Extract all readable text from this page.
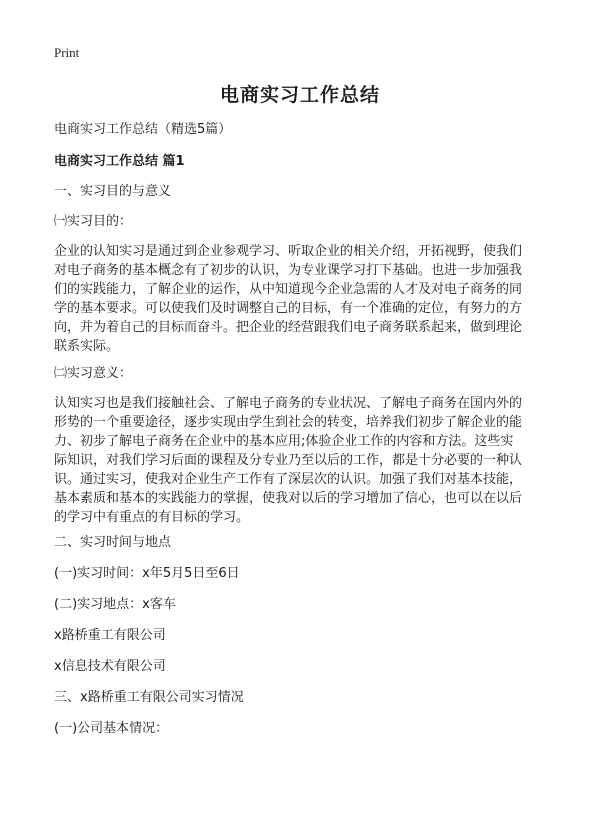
Print
电商实习工作总结
电商实习工作总结（精选5篇）
电商实习工作总结 篇1
一、实习目的与意义
㈠实习目的：
企业的认知实习是通过到企业参观学习、听取企业的相关介绍，开拓视野，使我们
对电子商务的基本概念有了初步的认识，为专业课学习打下基础。也进一步加强我
们的实践能力，了解企业的运作，从中知道现今企业急需的人才及对电子商务的同
学的基本要求。可以使我们及时调整自己的目标，有一个准确的定位，有努力的方
向，并为着自己的目标而奋斗。把企业的经营跟我们电子商务联系起来，做到理论
联系实际。
㈡实习意义：
认知实习也是我们接触社会、了解电子商务的专业状况、了解电子商务在国内外的
形势的一个重要途径，逐步实现由学生到社会的转变，培养我们初步了解企业的能
力、初步了解电子商务在企业中的基本应用;体验企业工作的内容和方法。这些实
际知识，对我们学习后面的课程及分专业乃至以后的工作，都是十分必要的一种认
识。通过实习，使我对企业生产工作有了深层次的认识。加强了我们对基本技能，
基本素质和基本的实践能力的掌握，使我对以后的学习增加了信心，也可以在以后
的学习中有重点的有目标的学习。
二、实习时间与地点
(一)实习时间：x年5月5日至6日
(二)实习地点：x客车
x路桥重工有限公司
x信息技术有限公司
三、x路桥重工有限公司实习情况
(一)公司基本情况：
